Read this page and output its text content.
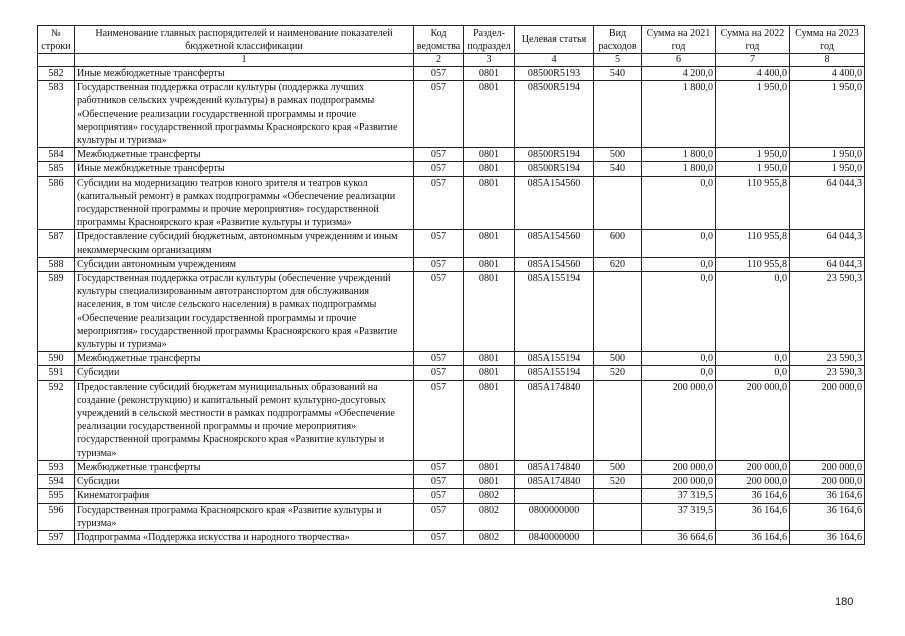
№ строки	Наименование главных распорядителей и наименование показателей бюджетной классификации	Код ведомства	Раздел-подраздел	Целевая статья	Вид расходов	Сумма на 2021 год	Сумма на 2022 год	Сумма на 2023 год
	1	2	3	4	5	6	7	8
582	Иные межбюджетные трансферты	057	0801	08500R5193	540	4 200,0	4 400,0	4 400,0
583	Государственная поддержка отрасли культуры (поддержка лучших работников сельских учреждений культуры) в рамках подпрограммы «Обеспечение реализации государственной программы и прочие мероприятия» государственной программы Красноярского края «Развитие культуры и туризма»	057	0801	08500R5194		1 800,0	1 950,0	1 950,0
584	Межбюджетные трансферты	057	0801	08500R5194	500	1 800,0	1 950,0	1 950,0
585	Иные межбюджетные трансферты	057	0801	08500R5194	540	1 800,0	1 950,0	1 950,0
586	Субсидии на модернизацию театров юного зрителя и театров кукол (капитальный ремонт) в рамках подпрограммы «Обеспечение реализации государственной программы и прочие мероприятия» государственной программы Красноярского края «Развитие культуры и туризма»	057	0801	085A154560		0,0	110 955,8	64 044,3
587	Предоставление субсидий бюджетным, автономным учреждениям и иным некоммерческим организациям	057	0801	085A154560	600	0,0	110 955,8	64 044,3
588	Субсидии автономным учреждениям	057	0801	085A154560	620	0,0	110 955,8	64 044,3
589	Государственная поддержка отрасли культуры (обеспечение учреждений культуры специализированным автотранспортом для обслуживания населения, в том числе сельского населения) в рамках подпрограммы «Обеспечение реализации государственной программы и прочие мероприятия» государственной программы Красноярского края «Развитие культуры и туризма»	057	0801	085A155194		0,0	0,0	23 590,3
590	Межбюджетные трансферты	057	0801	085A155194	500	0,0	0,0	23 590,3
591	Субсидии	057	0801	085A155194	520	0,0	0,0	23 590,3
592	Предоставление субсидий бюджетам муниципальных образований на создание (реконструкцию) и капитальный ремонт культурно-досуговых учреждений в сельской местности в рамках подпрограммы «Обеспечение реализации государственной программы и прочие мероприятия» государственной программы Красноярского края «Развитие культуры и туризма»	057	0801	085A174840		200 000,0	200 000,0	200 000,0
593	Межбюджетные трансферты	057	0801	085A174840	500	200 000,0	200 000,0	200 000,0
594	Субсидии	057	0801	085A174840	520	200 000,0	200 000,0	200 000,0
595	Кинематография	057	0802			37 319,5	36 164,6	36 164,6
596	Государственная программа Красноярского края «Развитие культуры и туризма»	057	0802	0800000000		37 319,5	36 164,6	36 164,6
597	Подпрограмма «Поддержка искусства и народного творчества»	057	0802	0840000000		36 664,6	36 164,6	36 164,6
180
